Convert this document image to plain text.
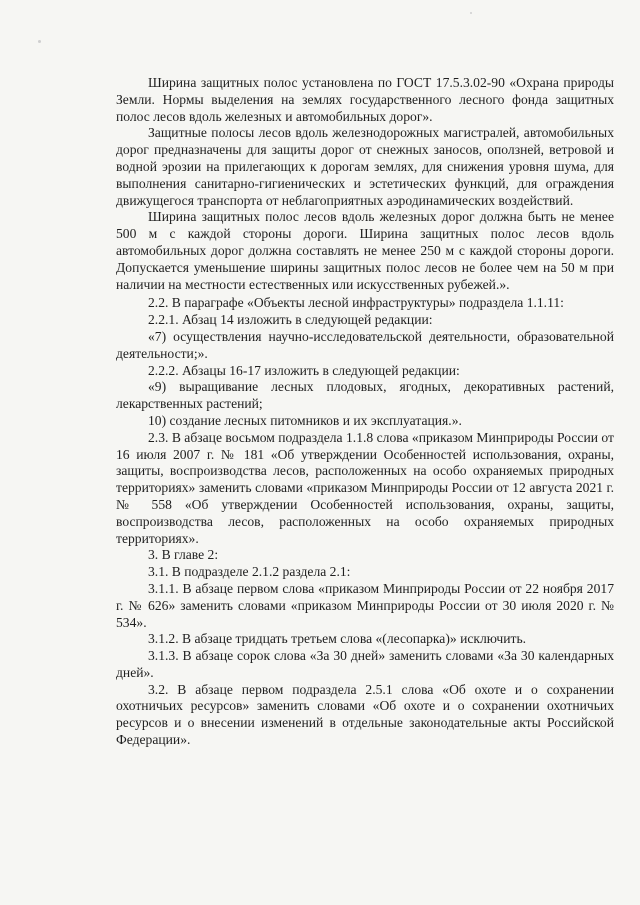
Ширина защитных полос установлена по ГОСТ 17.5.3.02-90 «Охрана природы Земли. Нормы выделения на землях государственного лесного фонда защитных полос лесов вдоль железных и автомобильных дорог».

Защитные полосы лесов вдоль железнодорожных магистралей, автомобильных дорог предназначены для защиты дорог от снежных заносов, оползней, ветровой и водной эрозии на прилегающих к дорогам землях, для снижения уровня шума, для выполнения санитарно-гигиенических и эстетических функций, для ограждения движущегося транспорта от неблагоприятных аэродинамических воздействий.

Ширина защитных полос лесов вдоль железных дорог должна быть не менее 500 м с каждой стороны дороги. Ширина защитных полос лесов вдоль автомобильных дорог должна составлять не менее 250 м с каждой стороны дороги. Допускается уменьшение ширины защитных полос лесов не более чем на 50 м при наличии на местности естественных или искусственных рубежей.».

2.2. В параграфе «Объекты лесной инфраструктуры» подраздела 1.1.11:

2.2.1. Абзац 14 изложить в следующей редакции:

«7) осуществления научно-исследовательской деятельности, образовательной деятельности;».

2.2.2. Абзацы 16-17 изложить в следующей редакции:

«9) выращивание лесных плодовых, ягодных, декоративных растений, лекарственных растений;

10) создание лесных питомников и их эксплуатация.».

2.3. В абзаце восьмом подраздела 1.1.8 слова «приказом Минприроды России от 16 июля 2007 г. № 181 «Об утверждении Особенностей использования, охраны, защиты, воспроизводства лесов, расположенных на особо охраняемых природных территориях» заменить словами «приказом Минприроды России от 12 августа 2021 г. № 558 «Об утверждении Особенностей использования, охраны, защиты, воспроизводства лесов, расположенных на особо охраняемых природных территориях».

3. В главе 2:

3.1. В подразделе 2.1.2 раздела 2.1:

3.1.1. В абзаце первом слова «приказом Минприроды России от 22 ноября 2017 г. № 626» заменить словами «приказом Минприроды России от 30 июля 2020 г. № 534».

3.1.2. В абзаце тридцать третьем слова «(лесопарка)» исключить.

3.1.3. В абзаце сорок слова «За 30 дней» заменить словами «За 30 календарных дней».

3.2. В абзаце первом подраздела 2.5.1 слова «Об охоте и о сохранении охотничьих ресурсов» заменить словами «Об охоте и о сохранении охотничьих ресурсов и о внесении изменений в отдельные законодательные акты Российской Федерации».
